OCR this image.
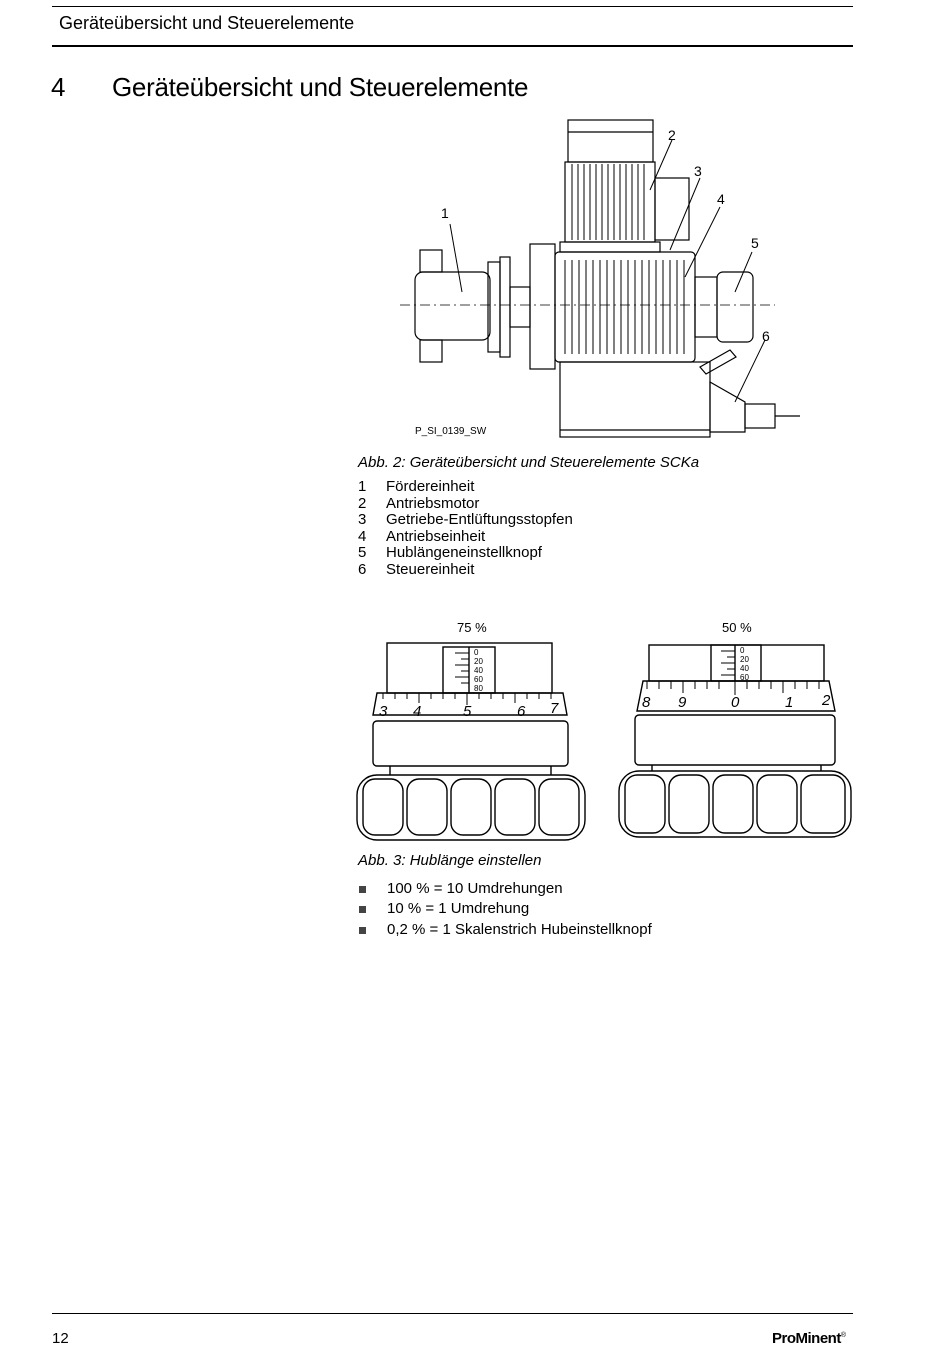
Geräteübersicht und Steuerelemente
4 Geräteübersicht und Steuerelemente
1
2
3
4
5
6
P_SI_0139_SW
Abb. 2: Geräteübersicht und Steuerelemente SCKa
1	Fördereinheit
2	Antriebsmotor
3	Getriebe-Entlüftungsstopfen
4	Antriebseinheit
5	Hublängeneinstellknopf
6	Steuereinheit
75 %	50 %
0
20
40
60
80
3 4	5	6 7
0
20
40
60
8 9	0	1 2
Abb. 3: Hublänge einstellen
100 % = 10 Umdrehungen
10 % = 1 Umdrehung
0,2 % = 1 Skalenstrich Hubeinstellknopf
12	ProMinent®
